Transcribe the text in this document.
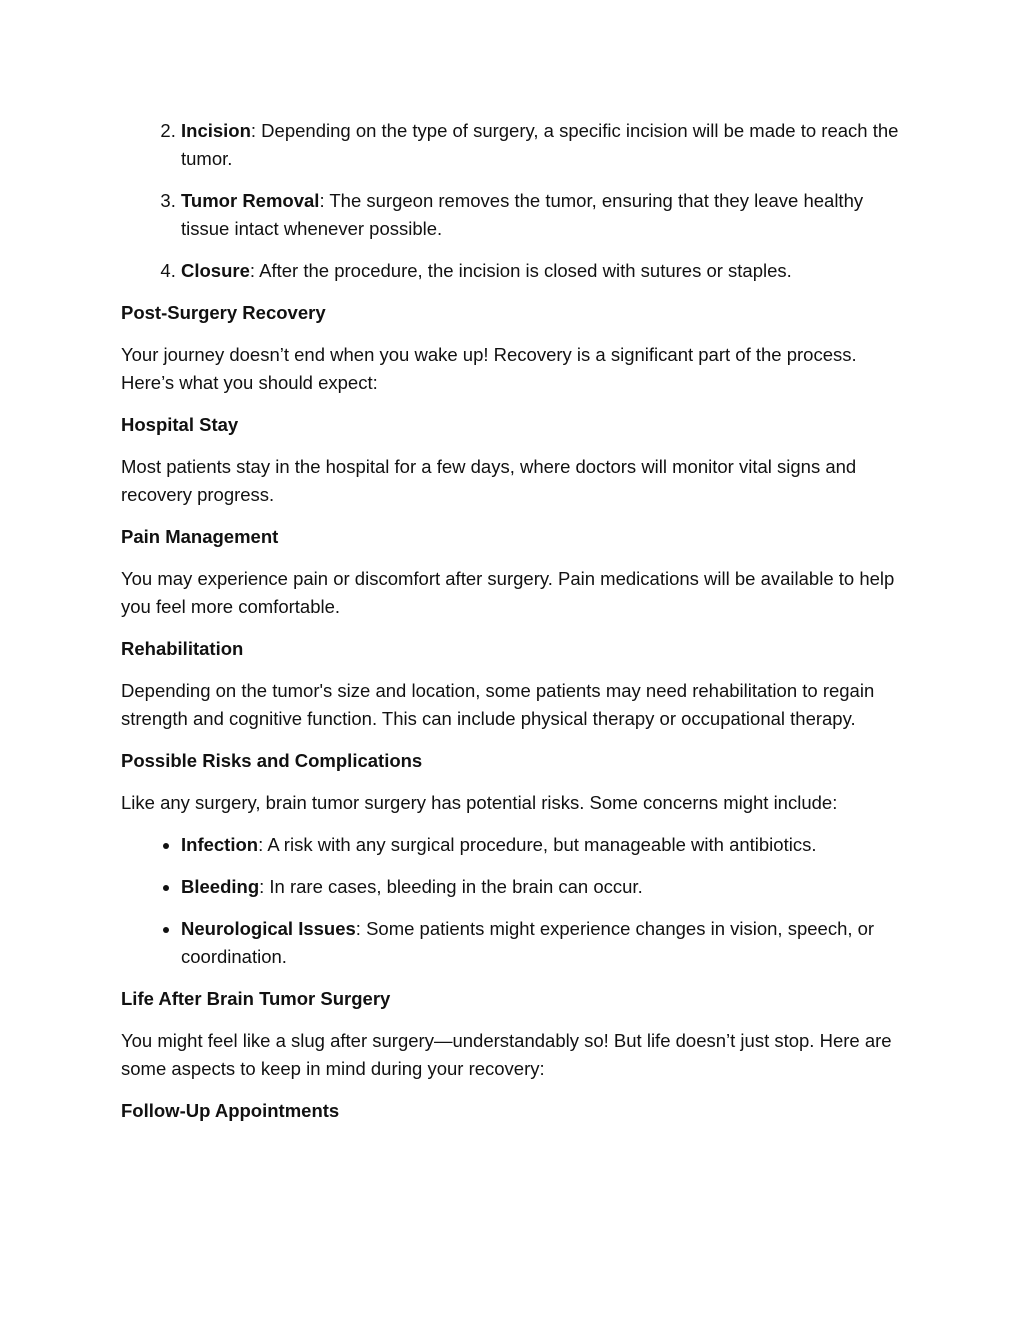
2. Incision: Depending on the type of surgery, a specific incision will be made to reach the tumor.
3. Tumor Removal: The surgeon removes the tumor, ensuring that they leave healthy tissue intact whenever possible.
4. Closure: After the procedure, the incision is closed with sutures or staples.
Post-Surgery Recovery

Your journey doesn’t end when you wake up! Recovery is a significant part of the process. Here’s what you should expect:

Hospital Stay

Most patients stay in the hospital for a few days, where doctors will monitor vital signs and recovery progress.

Pain Management

You may experience pain or discomfort after surgery. Pain medications will be available to help you feel more comfortable.

Rehabilitation

Depending on the tumor's size and location, some patients may need rehabilitation to regain strength and cognitive function. This can include physical therapy or occupational therapy.

Possible Risks and Complications

Like any surgery, brain tumor surgery has potential risks. Some concerns might include:

• Infection: A risk with any surgical procedure, but manageable with antibiotics.
• Bleeding: In rare cases, bleeding in the brain can occur.
• Neurological Issues: Some patients might experience changes in vision, speech, or coordination.
Life After Brain Tumor Surgery

You might feel like a slug after surgery—understandably so! But life doesn’t just stop. Here are some aspects to keep in mind during your recovery:

Follow-Up Appointments
